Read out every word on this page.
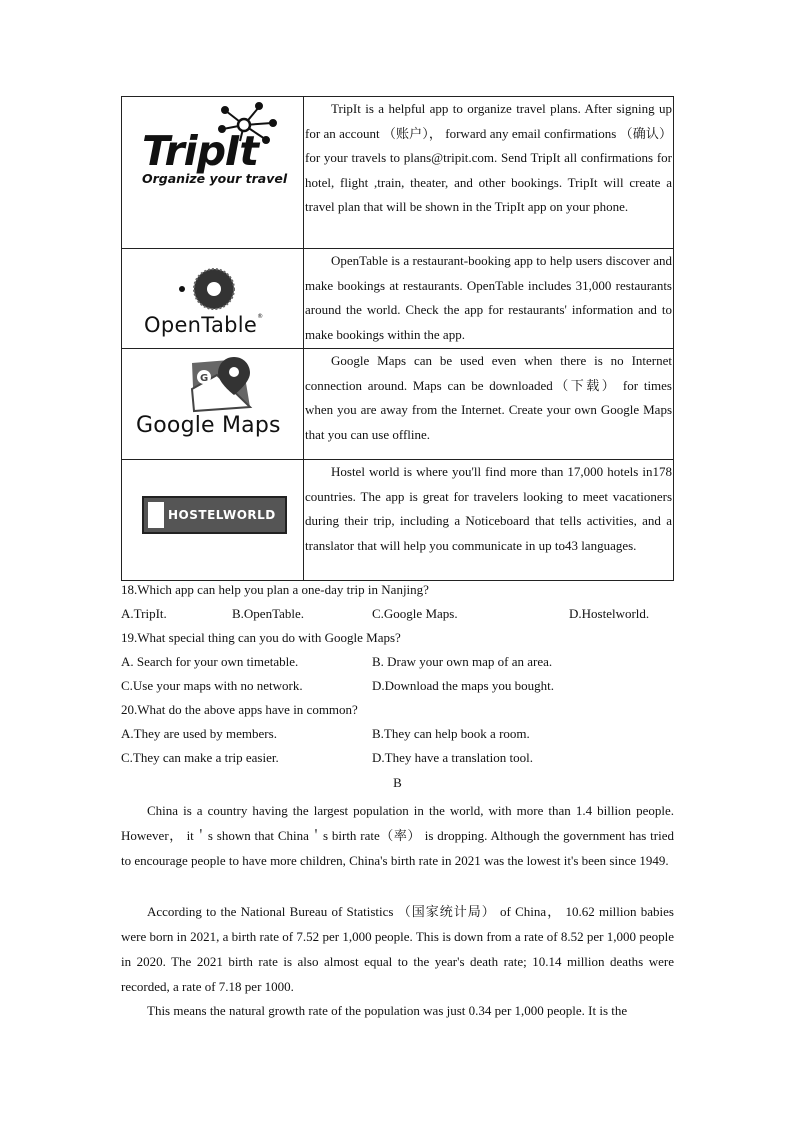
TripIt
Organize your travel	TripIt is a helpful app to organize travel plans. After signing up for an account （账户）， forward any email confirmations （确认） for your travels to plans@tripit.com. Send TripIt all confirmations for hotel, flight ,train, theater, and other bookings. TripIt will create a travel plan that will be shown in the TripIt app on your phone.

OpenTable®	OpenTable is a restaurant-booking app to help users discover and make bookings at restaurants. OpenTable includes 31,000 restaurants around the world. Check the app for restaurants' information and to make bookings within the app.

G
Google Maps	Google Maps can be used even when there is no Internet connection around. Maps can be downloaded（下载） for times when you are away from the Internet. Create your own Google Maps that you can use offline.

HOSTELWORLD	Hostel world is where you'll find more than 17,000 hotels in178 countries. The app is great for travelers looking to meet vacationers during their trip, including a Noticeboard that tells activities, and a translator that will help you communicate in up to43 languages.
18.Which app can help you plan a one-day trip in Nanjing?
A.TripIt.	B.OpenTable.	C.Google Maps.	D.Hostelworld.
19.What special thing can you do with Google Maps?
A. Search for your own timetable.	B. Draw your own map of an area.
C.Use your maps with no network.	D.Download the maps you bought.
20.What do the above apps have in common?
A.They are used by members.	B.They can help book a room.
C.They can make a trip easier.	D.They have a translation tool.
B
China is a country having the largest population in the world, with more than 1.4 billion people. However， it＇s shown that China＇s birth rate（率） is dropping. Although the government has tried to encourage people to have more children, China's birth rate in 2021 was the lowest it's been since 1949.
According to the National Bureau of Statistics （国家统计局） of China， 10.62 million babies were born in 2021, a birth rate of 7.52 per 1,000 people. This is down from a rate of 8.52 per 1,000 people in 2020. The 2021 birth rate is also almost equal to the year's death rate; 10.14 million deaths were recorded, a rate of 7.18 per 1000.
This means the natural growth rate of the population was just 0.34 per 1,000 people. It is the
